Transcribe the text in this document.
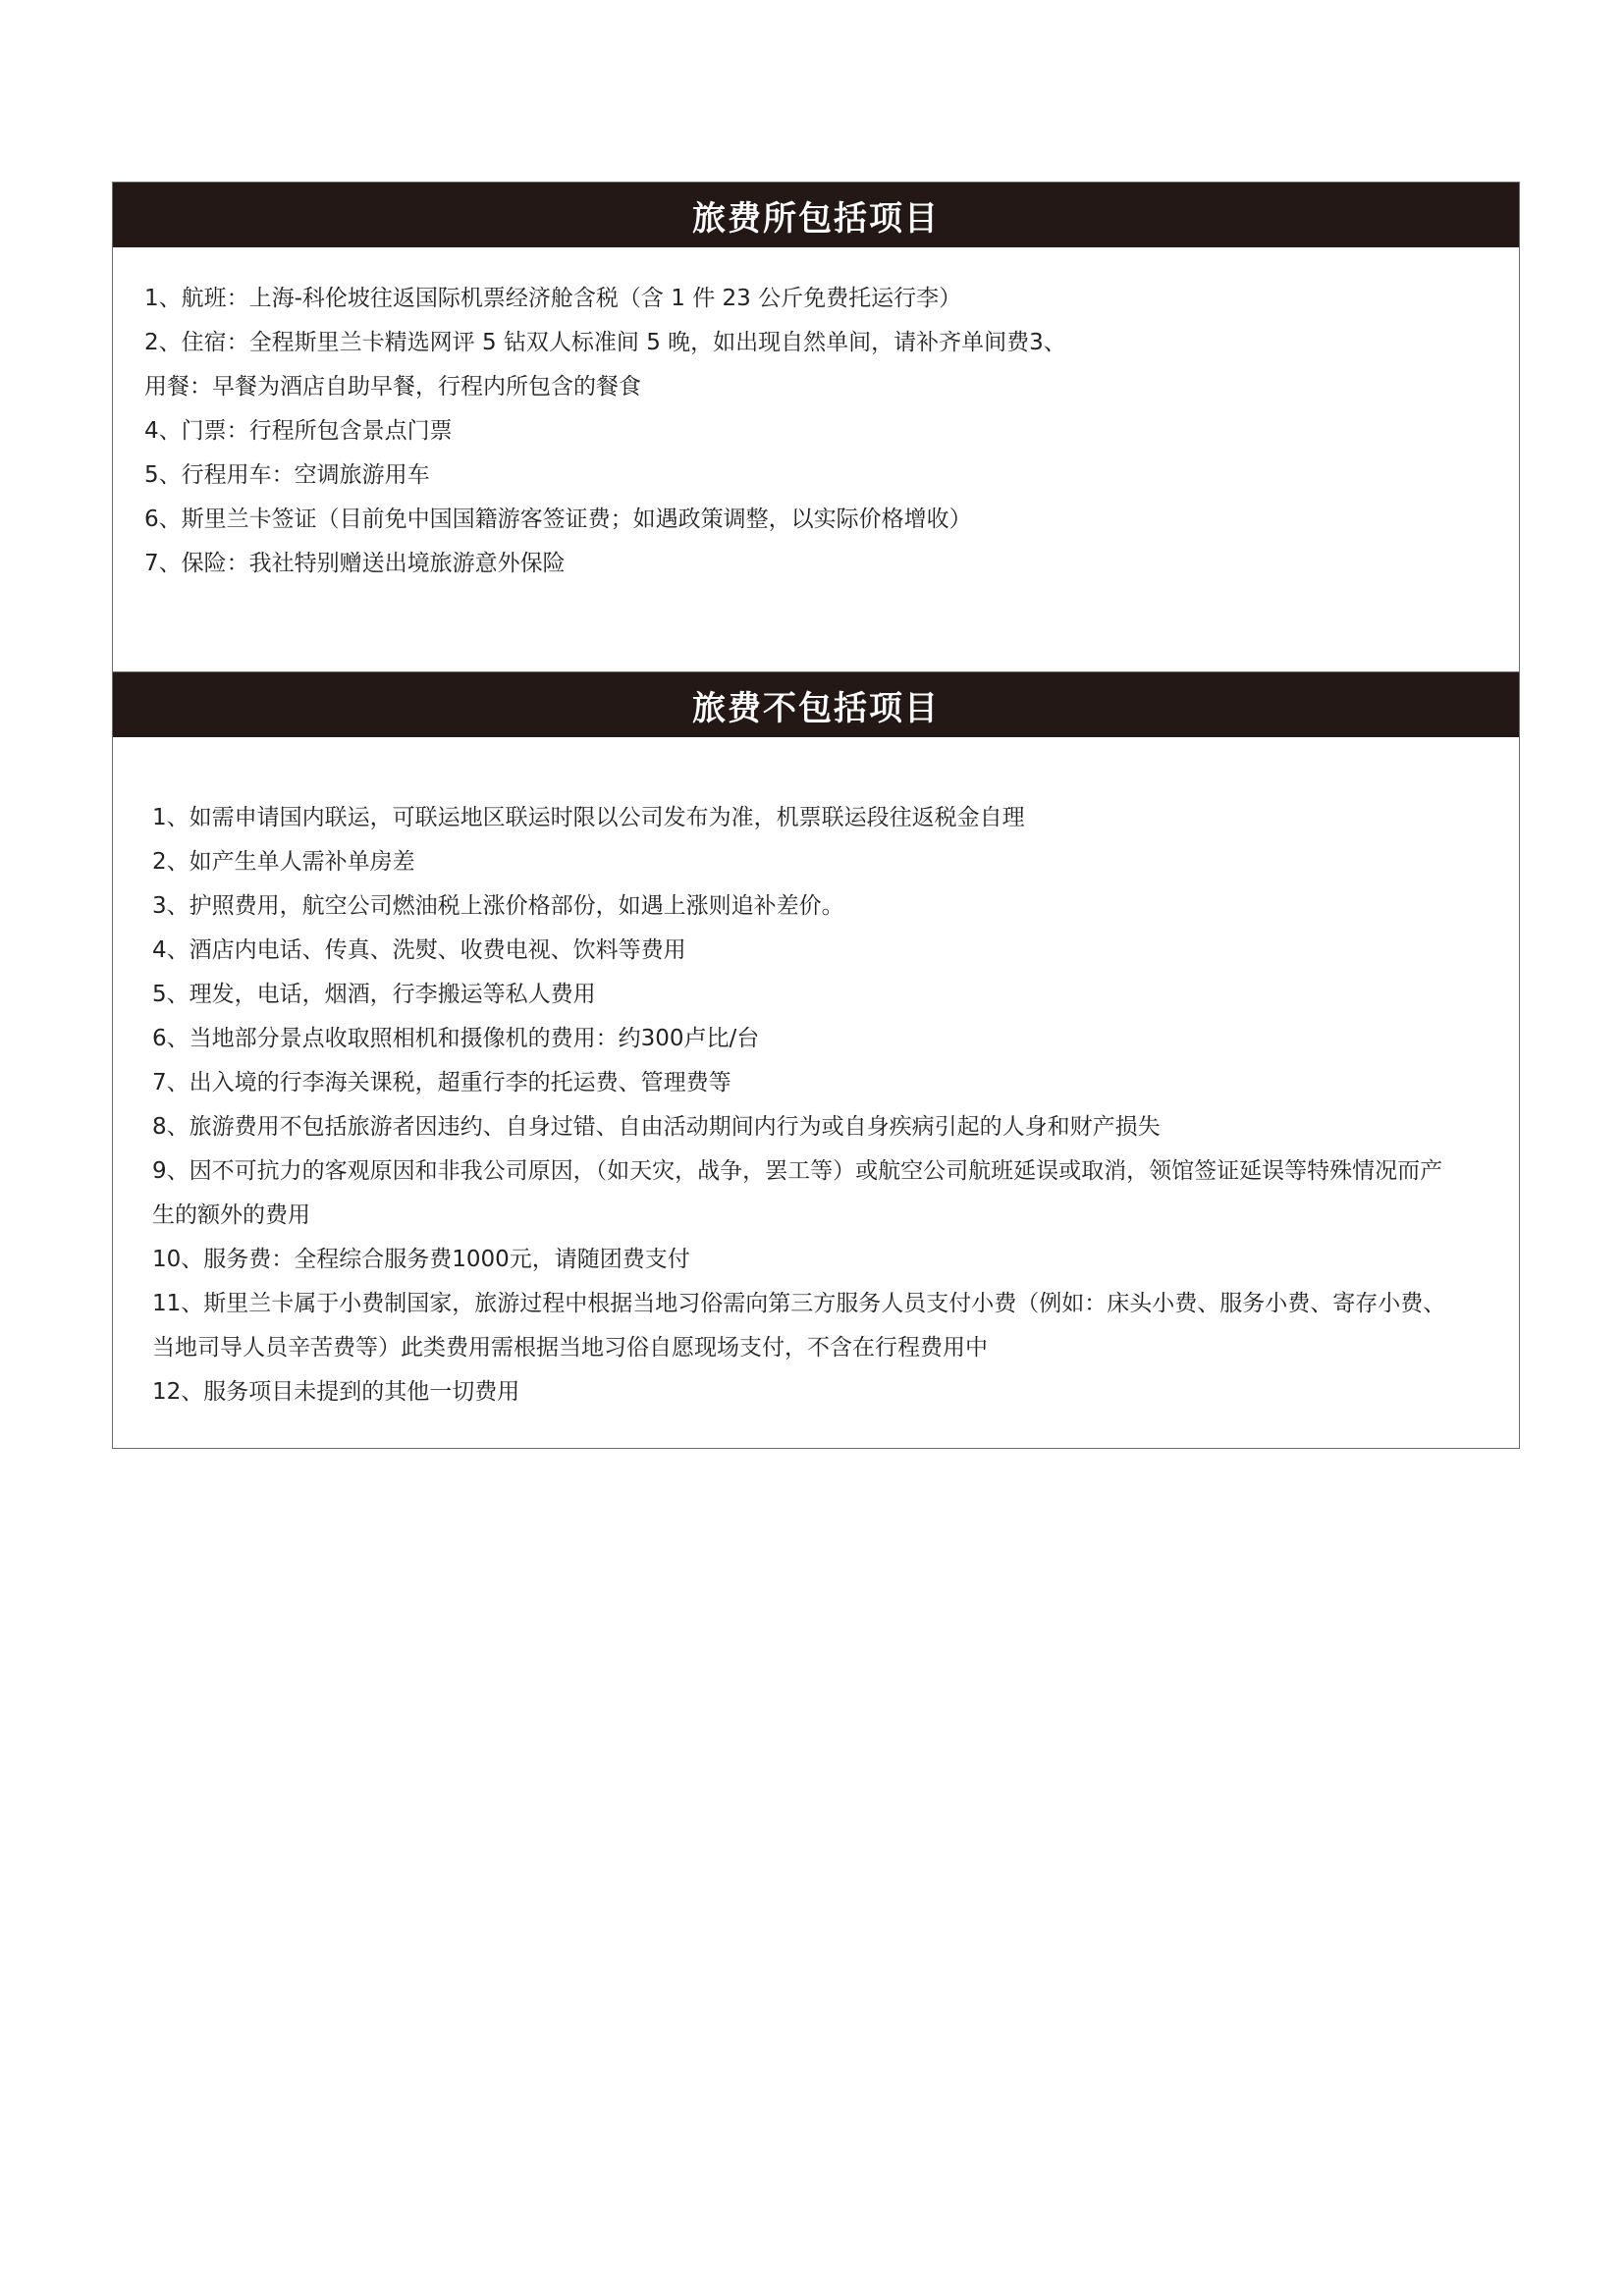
旅费所包括项目
1、航班：上海-科伦坡往返国际机票经济舱含税（含 1 件 23 公斤免费托运行李）
2、住宿：全程斯里兰卡精选网评 5 钻双人标准间 5 晚，如出现自然单间，请补齐单间费3、
用餐：早餐为酒店自助早餐，行程内所包含的餐食
4、门票：行程所包含景点门票
5、行程用车：空调旅游用车
6、斯里兰卡签证（目前免中国国籍游客签证费；如遇政策调整，以实际价格增收）
7、保险：我社特别赠送出境旅游意外保险
旅费不包括项目
1、如需申请国内联运，可联运地区联运时限以公司发布为准，机票联运段往返税金自理
2、如产生单人需补单房差
3、护照费用，航空公司燃油税上涨价格部份，如遇上涨则追补差价。
4、酒店内电话、传真、洗熨、收费电视、饮料等费用
5、理发，电话，烟酒，行李搬运等私人费用
6、当地部分景点收取照相机和摄像机的费用：约300卢比/台
7、出入境的行李海关课税，超重行李的托运费、管理费等
8、旅游费用不包括旅游者因违约、自身过错、自由活动期间内行为或自身疾病引起的人身和财产损失
9、因不可抗力的客观原因和非我公司原因，（如天灾，战争，罢工等）或航空公司航班延误或取消，领馆签证延误等特殊情况而产
生的额外的费用
10、服务费：全程综合服务费1000元，请随团费支付
11、斯里兰卡属于小费制国家，旅游过程中根据当地习俗需向第三方服务人员支付小费（例如：床头小费、服务小费、寄存小费、
当地司导人员辛苦费等）此类费用需根据当地习俗自愿现场支付，不含在行程费用中
12、服务项目未提到的其他一切费用
